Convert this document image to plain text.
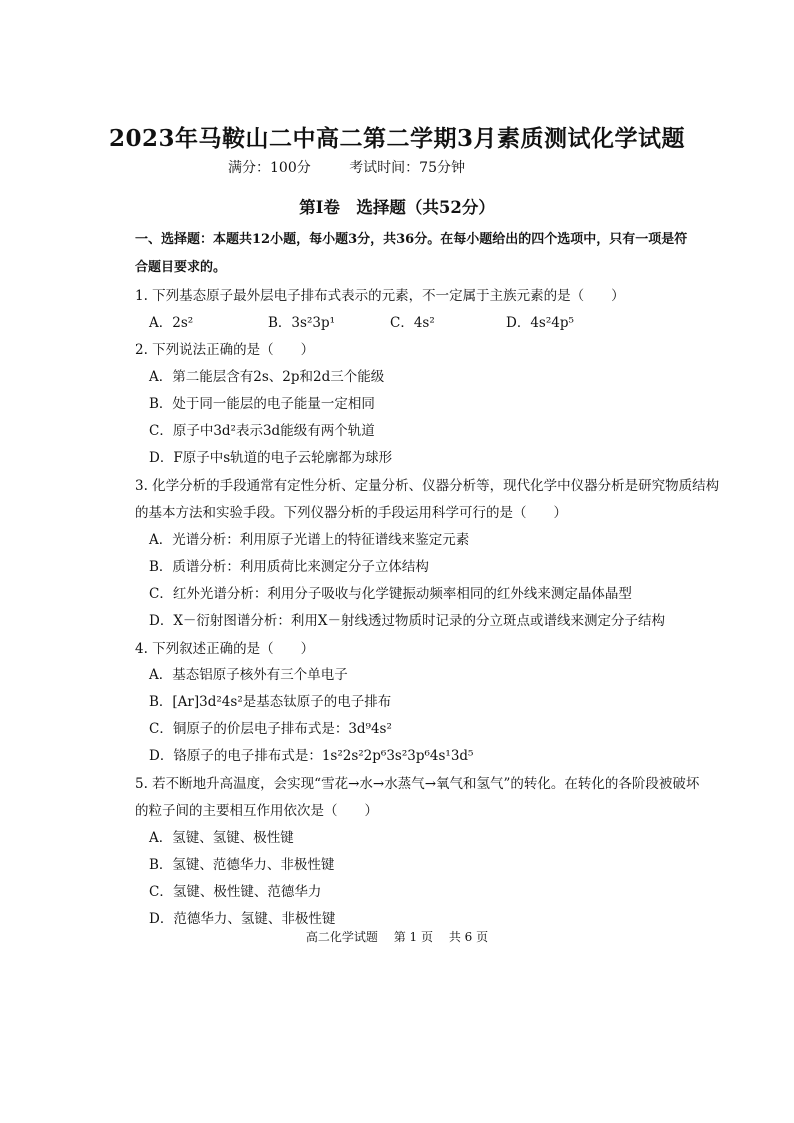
2023年马鞍山二中高二第二学期3月素质测试化学试题
满分：100分	考试时间：75分钟
第Ⅰ卷　选择题（共52分）
一、选择题：本题共12小题，每小题3分，共36分。在每小题给出的四个选项中，只有一项是符
合题目要求的。
1. 下列基态原子最外层电子排布式表示的元素，不一定属于主族元素的是（　　）
A．2s²	B．3s²3p¹	C．4s²	D．4s²4p⁵
2. 下列说法正确的是（　　）
A．第二能层含有2s、2p和2d三个能级
B．处于同一能层的电子能量一定相同
C．原子中3d²表示3d能级有两个轨道
D．F原子中s轨道的电子云轮廓都为球形
3. 化学分析的手段通常有定性分析、定量分析、仪器分析等，现代化学中仪器分析是研究物质结构
的基本方法和实验手段。下列仪器分析的手段运用科学可行的是（　　）
A．光谱分析：利用原子光谱上的特征谱线来鉴定元素
B．质谱分析：利用质荷比来测定分子立体结构
C．红外光谱分析：利用分子吸收与化学键振动频率相同的红外线来测定晶体晶型
D．X－衍射图谱分析：利用X－射线透过物质时记录的分立斑点或谱线来测定分子结构
4. 下列叙述正确的是（　　）
A．基态铝原子核外有三个单电子
B．[Ar]3d²4s²是基态钛原子的电子排布
C．铜原子的价层电子排布式是：3d⁹4s²
D．铬原子的电子排布式是：1s²2s²2p⁶3s²3p⁶4s¹3d⁵
5. 若不断地升高温度，会实现“雪花→水→水蒸气→氧气和氢气”的转化。在转化的各阶段被破坏
的粒子间的主要相互作用依次是（　　）
A．氢键、氢键、极性键
B．氢键、范德华力、非极性键
C．氢键、极性键、范德华力
D．范德华力、氢键、非极性键
高二化学试题 第 1 页 共 6 页
